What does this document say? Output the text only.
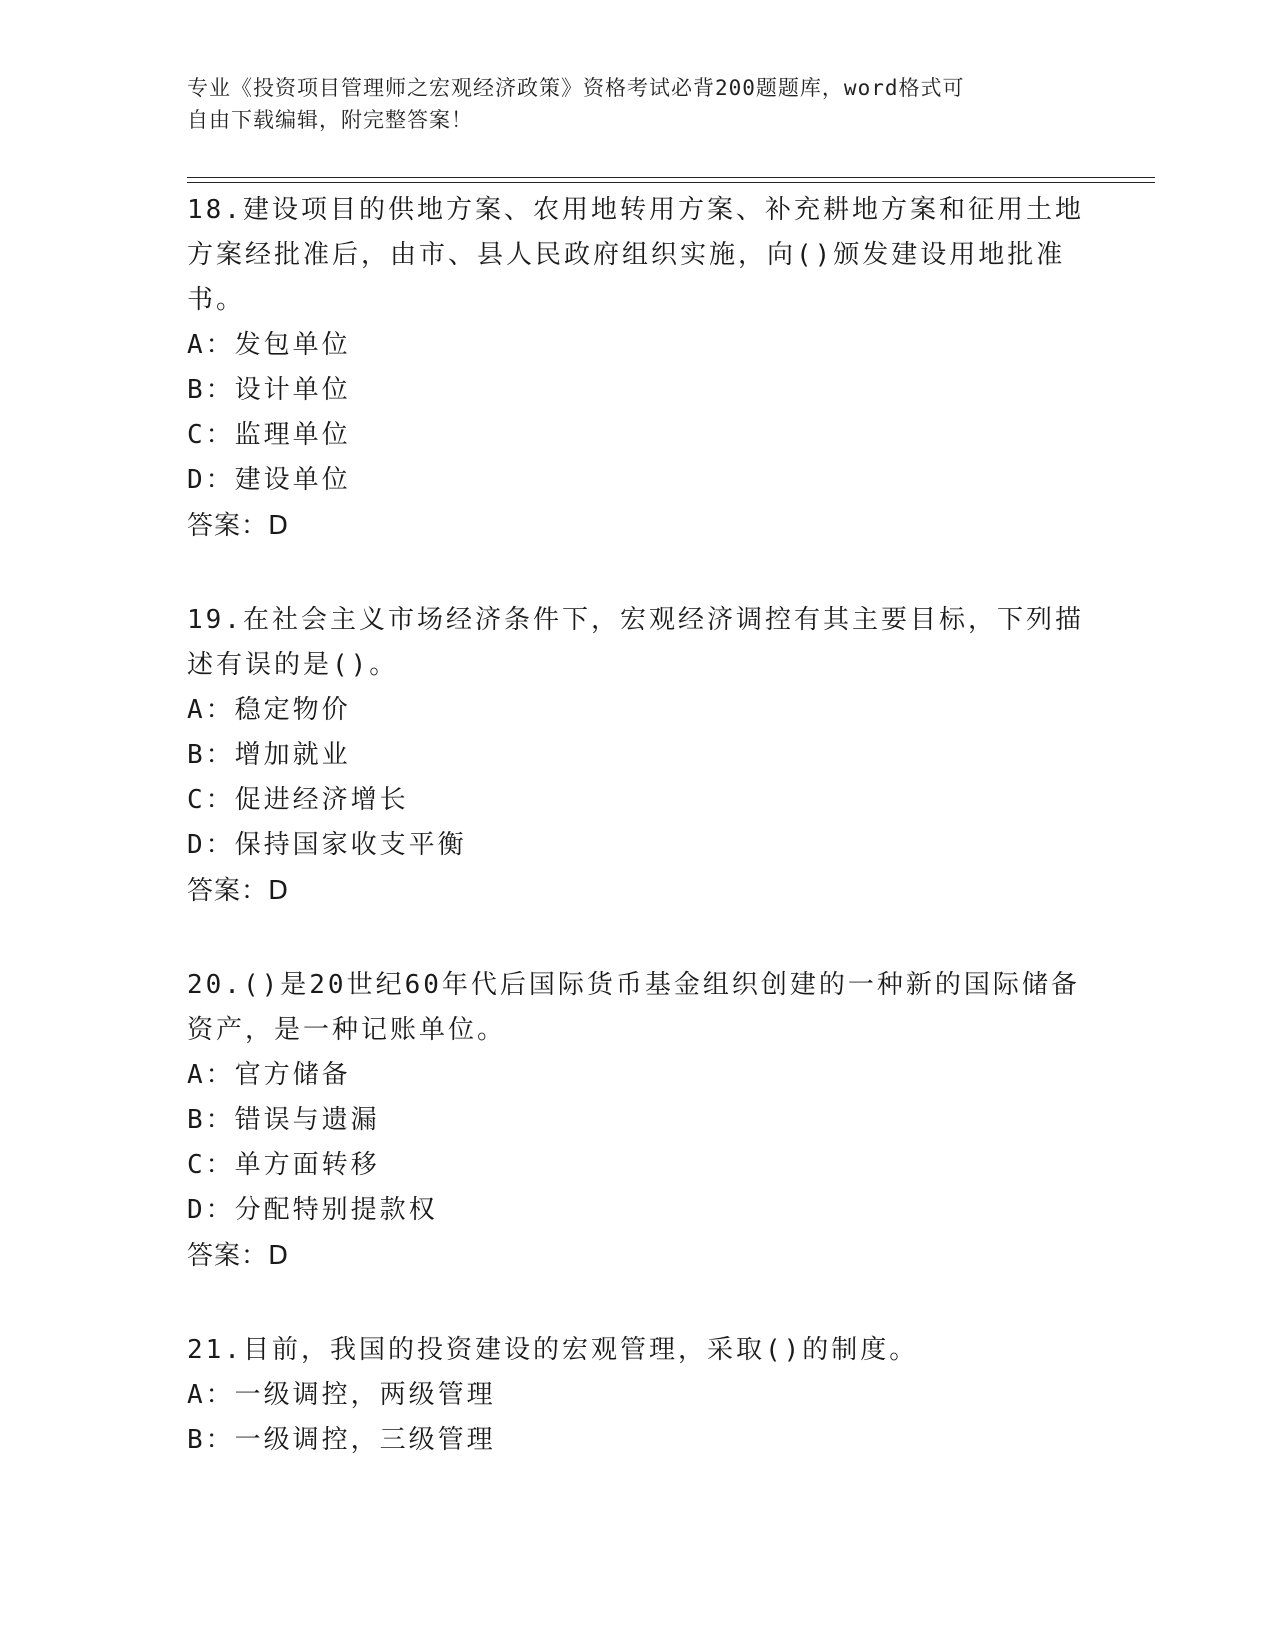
专业《投资项目管理师之宏观经济政策》资格考试必背200题题库，word格式可
自由下载编辑，附完整答案！

18.建设项目的供地方案、农用地转用方案、补充耕地方案和征用土地

方案经批准后，由市、县人民政府组织实施，向()颁发建设用地批准

书。

A：发包单位

B：设计单位

C：监理单位

D：建设单位

答案：D

19.在社会主义市场经济条件下，宏观经济调控有其主要目标，下列描

述有误的是()。

A：稳定物价

B：增加就业

C：促进经济增长

D：保持国家收支平衡

答案：D

20.()是20世纪60年代后国际货币基金组织创建的一种新的国际储备

资产，是一种记账单位。

A：官方储备

B：错误与遗漏

C：单方面转移

D：分配特别提款权

答案：D

21.目前，我国的投资建设的宏观管理，采取()的制度。

A：一级调控，两级管理

B：一级调控，三级管理
